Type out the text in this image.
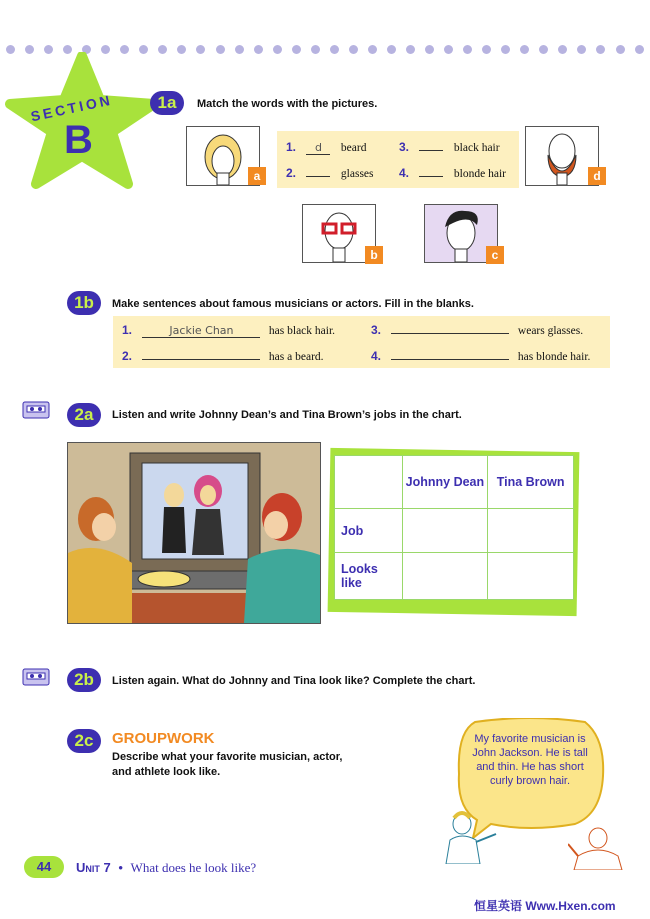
SECTION
B
1a	Match the words with the pictures.
a
1. d beard
2.	glasses
3.	black hair
4.	blonde hair	d
b	c
1b	Make sentences about famous musicians or actors. Fill in the blanks.
1.	Jackie Chan	has black hair.
2.	has a beard.
3.	wears glasses.
4.	has blonde hair.
2a	Listen and write Johnny Dean’s and Tina Brown’s jobs in the chart.
	Johnny Dean	Tina Brown
Job		
Looks like		
2b	Listen again. What do Johnny and Tina look like? Complete the chart.
2c	GROUPWORK
Describe what your favorite musician, actor,
and athlete look like.
My favorite musician is John Jackson. He is tall and thin. He has short curly brown hair.
44	Unit 7 • What does he look like?
恒星英语 Www.Hxen.com
